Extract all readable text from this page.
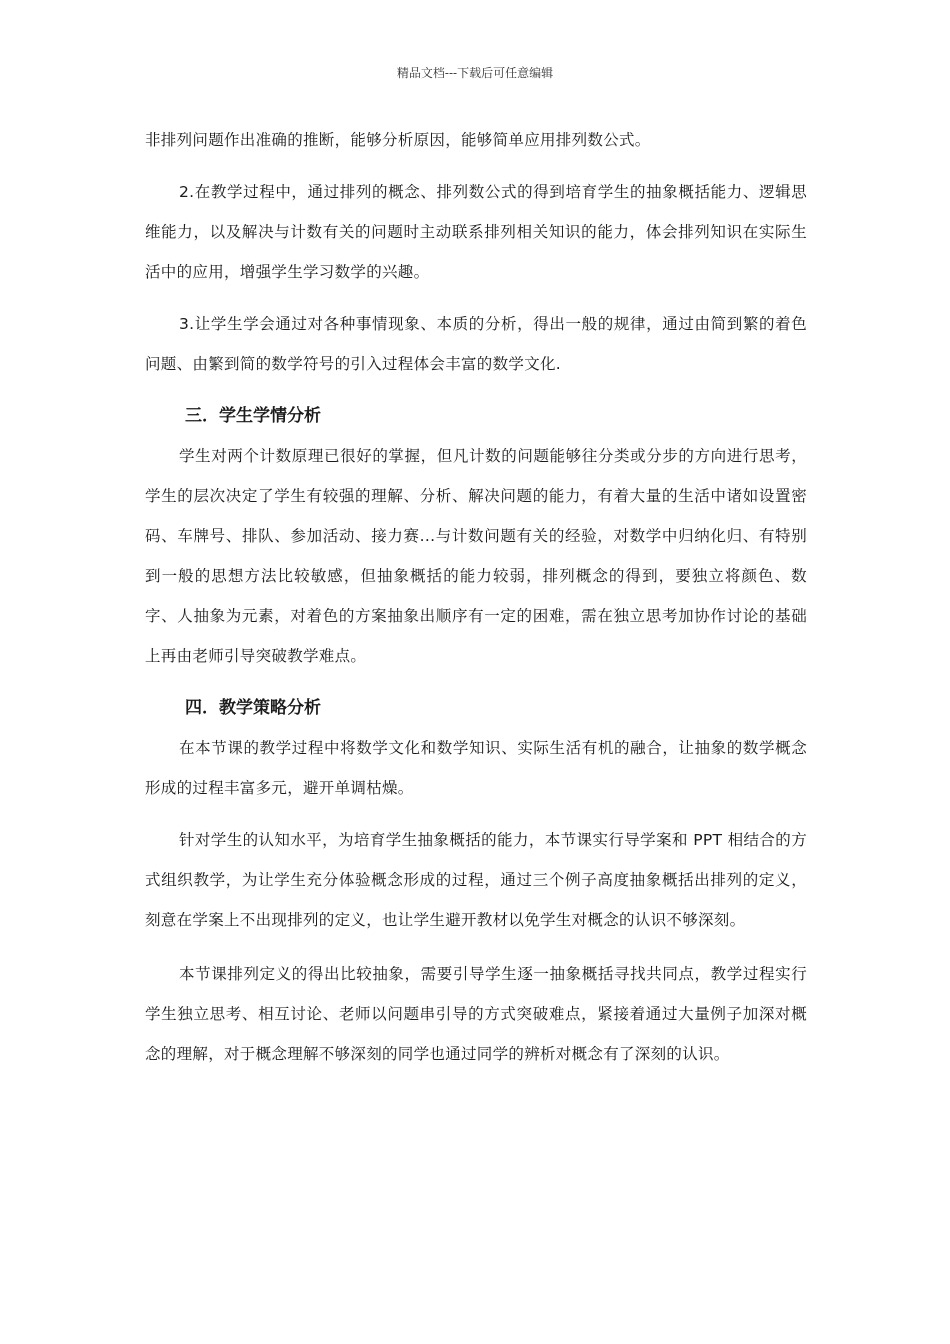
精品文档---下载后可任意编辑

非排列问题作出准确的推断，能够分析原因，能够简单应用排列数公式。

2.在教学过程中，通过排列的概念、排列数公式的得到培育学生的抽象概括能力、逻辑思维能力，以及解决与计数有关的问题时主动联系排列相关知识的能力，体会排列知识在实际生活中的应用，增强学生学习数学的兴趣。

3.让学生学会通过对各种事情现象、本质的分析，得出一般的规律，通过由简到繁的着色问题、由繁到简的数学符号的引入过程体会丰富的数学文化.

三．学生学情分析

学生对两个计数原理已很好的掌握，但凡计数的问题能够往分类或分步的方向进行思考，学生的层次决定了学生有较强的理解、分析、解决问题的能力，有着大量的生活中诸如设置密码、车牌号、排队、参加活动、接力赛...与计数问题有关的经验，对数学中归纳化归、有特别到一般的思想方法比较敏感，但抽象概括的能力较弱，排列概念的得到，要独立将颜色、数字、人抽象为元素，对着色的方案抽象出顺序有一定的困难，需在独立思考加协作讨论的基础上再由老师引导突破教学难点。

四．教学策略分析

在本节课的教学过程中将数学文化和数学知识、实际生活有机的融合，让抽象的数学概念形成的过程丰富多元，避开单调枯燥。

针对学生的认知水平，为培育学生抽象概括的能力，本节课实行导学案和 PPT 相结合的方式组织教学，为让学生充分体验概念形成的过程，通过三个例子高度抽象概括出排列的定义，刻意在学案上不出现排列的定义，也让学生避开教材以免学生对概念的认识不够深刻。

本节课排列定义的得出比较抽象，需要引导学生逐一抽象概括寻找共同点，教学过程实行学生独立思考、相互讨论、老师以问题串引导的方式突破难点，紧接着通过大量例子加深对概念的理解，对于概念理解不够深刻的同学也通过同学的辨析对概念有了深刻的认识。
